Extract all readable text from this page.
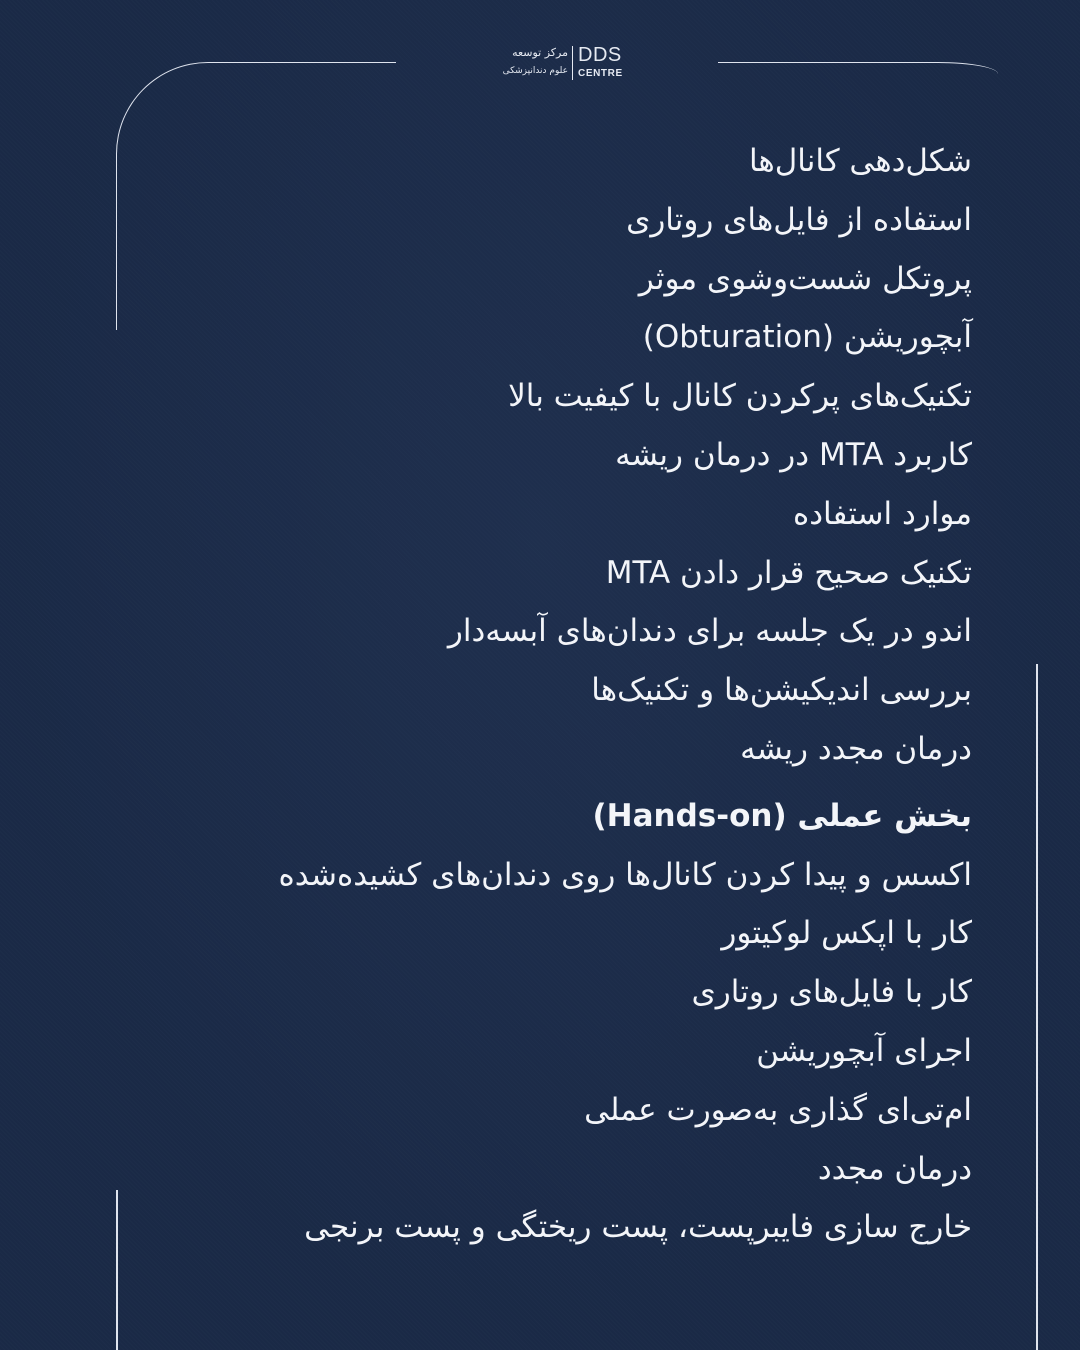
مرکز توسعه
علوم دندانپزشکی
DDS
CENTRE

شکل‌دهی کانال‌ها

استفاده از فایل‌های روتاری

پروتکل شست‌وشوی موثر

آبچوریشن (Obturation)

تکنیک‌های پرکردن کانال با کیفیت بالا

کاربرد MTA در درمان ریشه

موارد استفاده

تکنیک صحیح قرار دادن MTA

اندو در یک جلسه برای دندان‌های آبسه‌دار

بررسی اندیکیشن‌ها و تکنیک‌ها

درمان مجدد ریشه

بخش عملی (Hands-on)

اکسس و پیدا کردن کانال‌ها روی دندان‌های کشیده‌شده

کار با اپکس لوکیتور

کار با فایل‌های روتاری

اجرای آبچوریشن

ام‌تی‌ای گذاری به‌صورت عملی

درمان مجدد

خارج سازی فایبرپست، پست ریختگی و پست برنجی
